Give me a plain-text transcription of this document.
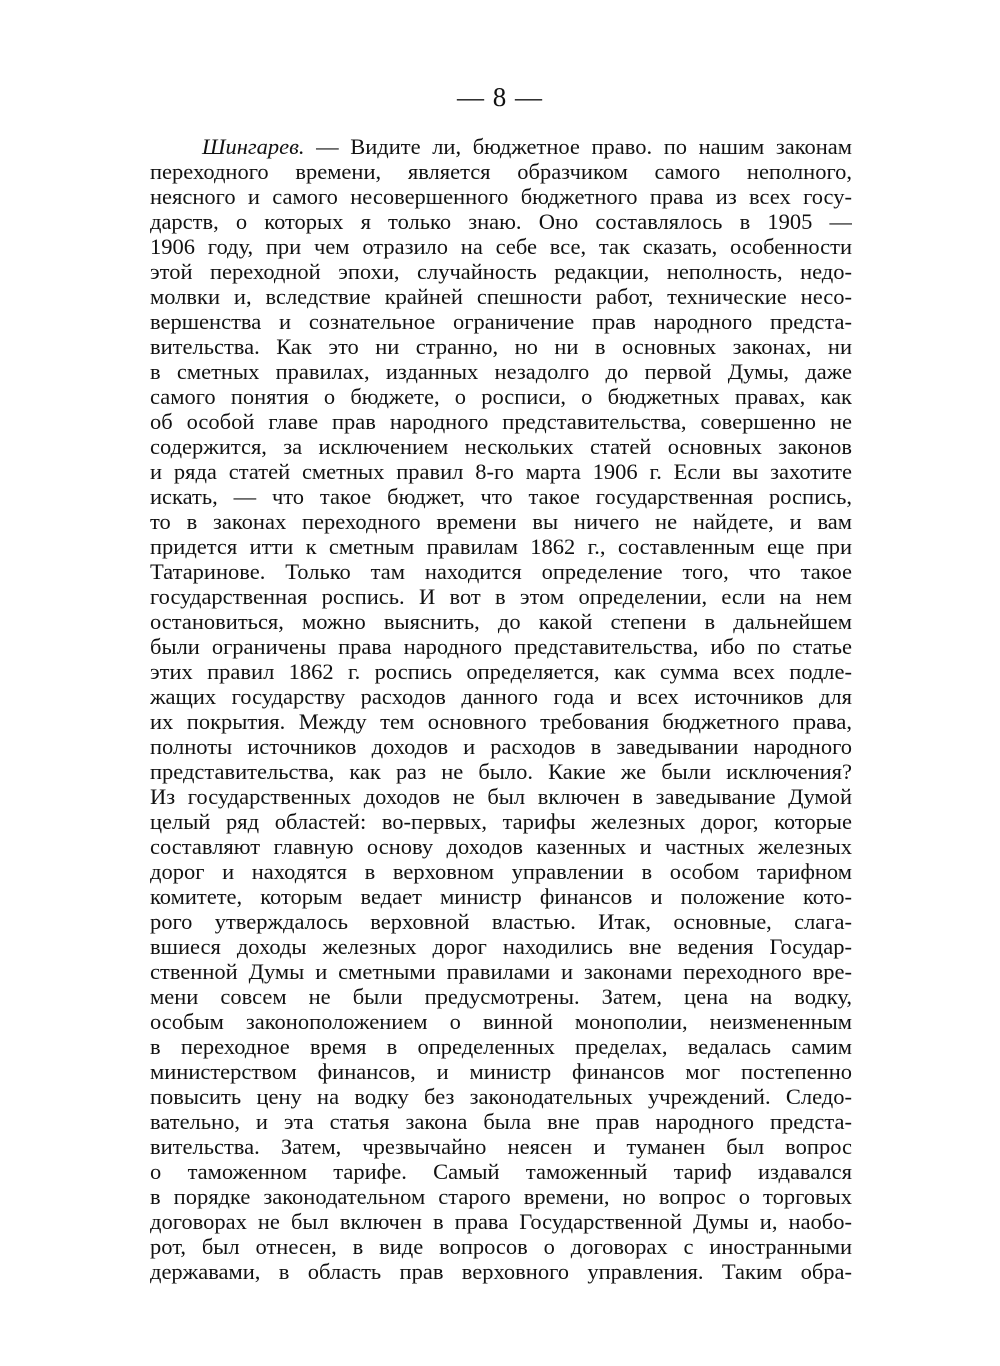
— 8 —
Шингарев. — Видите ли, бюджетное право. по нашим законам
переходного времени, является образчиком самого неполного,
неясного и самого несовершенного бюджетного права из всех госу-
дарств, о которых я только знаю. Оно составлялось в 1905 —
1906 году, при чем отразило на себе все, так сказать, особенности
этой переходной эпохи, случайность редакции, неполность, недо-
молвки и, вследствие крайней спешности работ, технические несо-
вершенства и сознательное ограничение прав народного предста-
вительства. Как это ни странно, но ни в основных законах, ни
в сметных правилах, изданных незадолго до первой Думы, даже
самого понятия о бюджете, о росписи, о бюджетных правах, как
об особой главе прав народного представительства, совершенно не
содержится, за исключением нескольких статей основных законов
и ряда статей сметных правил 8-го марта 1906 г. Если вы захотите
искать, — что такое бюджет, что такое государственная роспись,
то в законах переходного времени вы ничего не найдете, и вам
придется итти к сметным правилам 1862 г., составленным еще при
Татаринове. Только там находится определение того, что такое
государственная роспись. И вот в этом определении, если на нем
остановиться, можно выяснить, до какой степени в дальнейшем
были ограничены права народного представительства, ибо по статье
этих правил 1862 г. роспись определяется, как сумма всех подле-
жащих государству расходов данного года и всех источников для
их покрытия. Между тем основного требования бюджетного права,
полноты источников доходов и расходов в заведывании народного
представительства, как раз не было. Какие же были исключения?
Из государственных доходов не был включен в заведывание Думой
целый ряд областей: во-первых, тарифы железных дорог, которые
составляют главную основу доходов казенных и частных железных
дорог и находятся в верховном управлении в особом тарифном
комитете, которым ведает министр финансов и положение кото-
рого утверждалось верховной властью. Итак, основные, слага-
вшиеся доходы железных дорог находились вне ведения Государ-
ственной Думы и сметными правилами и законами переходного вре-
мени совсем не были предусмотрены. Затем, цена на водку,
особым законоположением о винной монополии, неизмененным
в переходное время в определенных пределах, ведалась самим
министерством финансов, и министр финансов мог постепенно
повысить цену на водку без законодательных учреждений. Следо-
вательно, и эта статья закона была вне прав народного предста-
вительства. Затем, чрезвычайно неясен и туманен был вопрос
о таможенном тарифе. Самый таможенный тариф издавался
в порядке законодательном старого времени, но вопрос о торговых
договорах не был включен в права Государственной Думы и, наобо-
рот, был отнесен, в виде вопросов о договорах с иностранными
державами, в область прав верховного управления. Таким обра-
